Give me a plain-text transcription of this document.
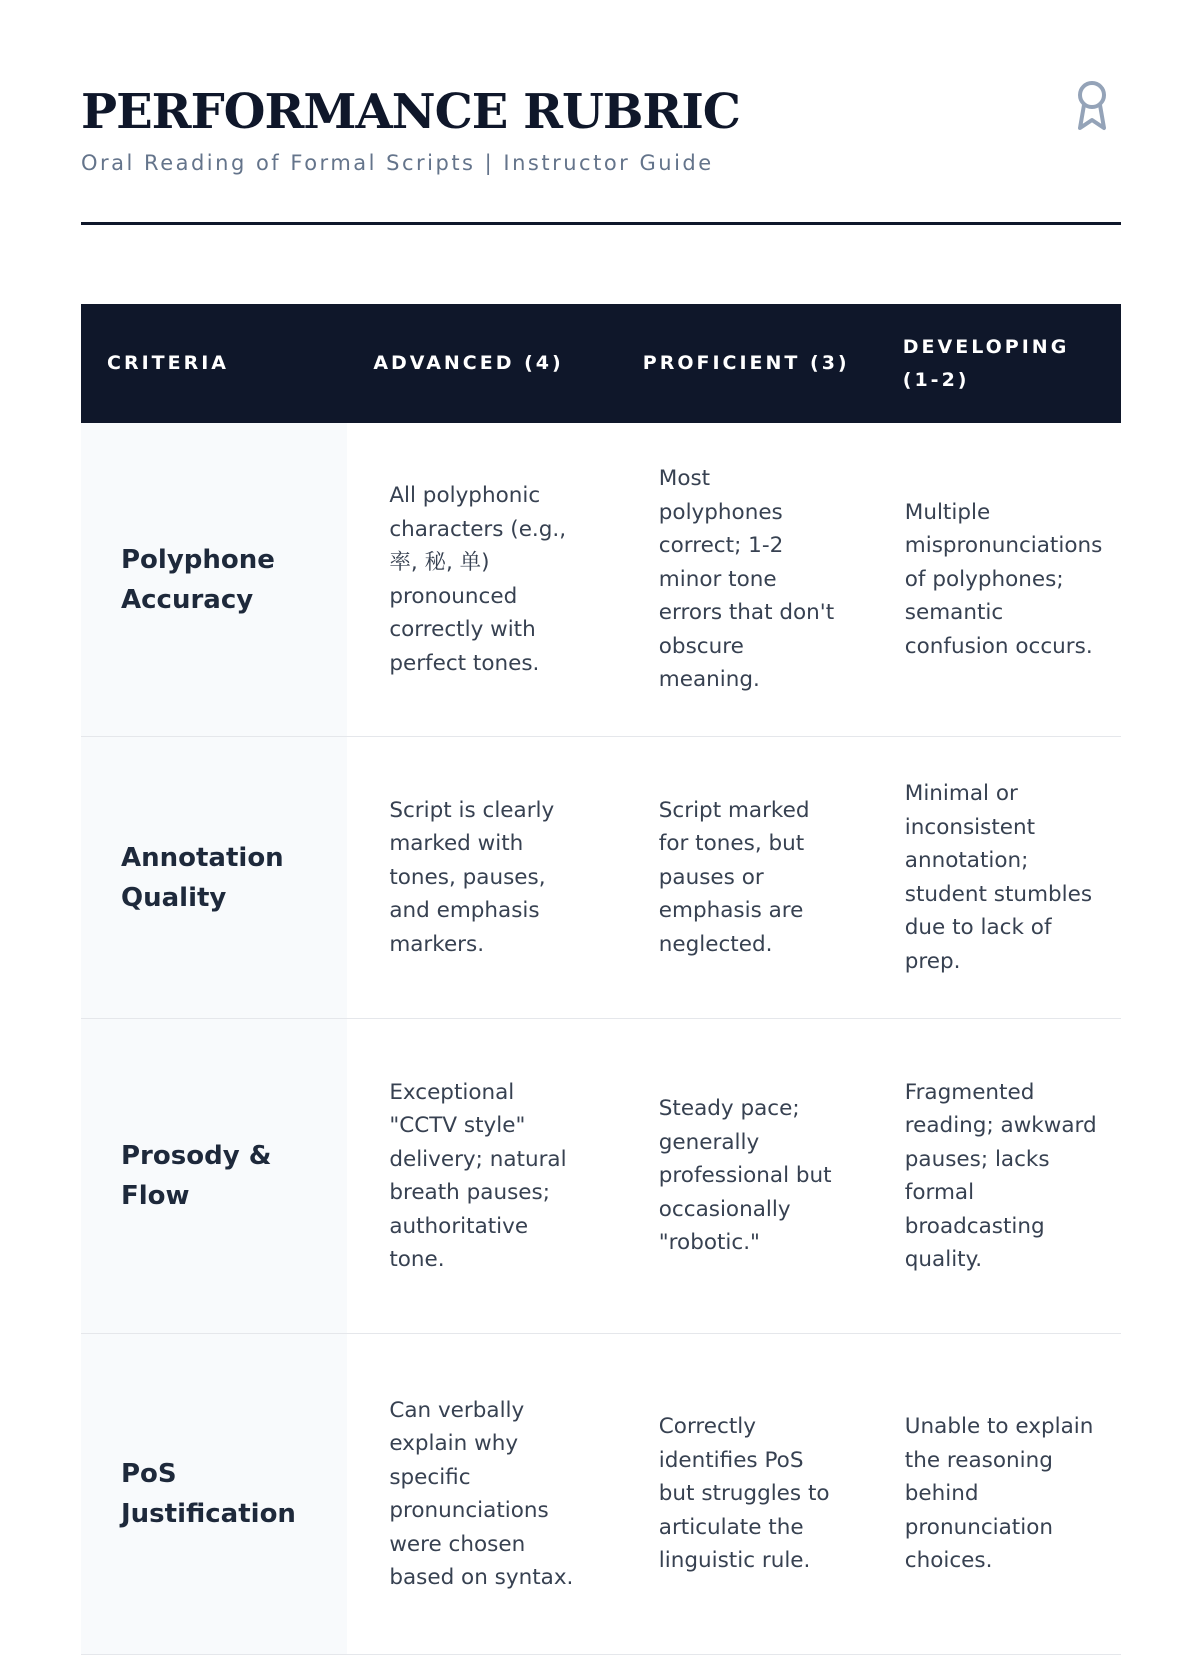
PERFORMANCE RUBRIC
Oral Reading of Formal Scripts | Instructor Guide
CRITERIA	ADVANCED (4)	PROFICIENT (3)	DEVELOPING (1-2)
Polyphone Accuracy	All polyphonic characters (e.g., 率, 秘, 单) pronounced correctly with perfect tones.	Most polyphones correct; 1-2 minor tone errors that don't obscure meaning.	Multiple mispronunciations of polyphones; semantic confusion occurs.
Annotation Quality	Script is clearly marked with tones, pauses, and emphasis markers.	Script marked for tones, but pauses or emphasis are neglected.	Minimal or inconsistent annotation; student stumbles due to lack of prep.
Prosody & Flow	Exceptional "CCTV style" delivery; natural breath pauses; authoritative tone.	Steady pace; generally professional but occasionally "robotic."	Fragmented reading; awkward pauses; lacks formal broadcasting quality.
PoS Justification	Can verbally explain why specific pronunciations were chosen based on syntax.	Correctly identifies PoS but struggles to articulate the linguistic rule.	Unable to explain the reasoning behind pronunciation choices.
